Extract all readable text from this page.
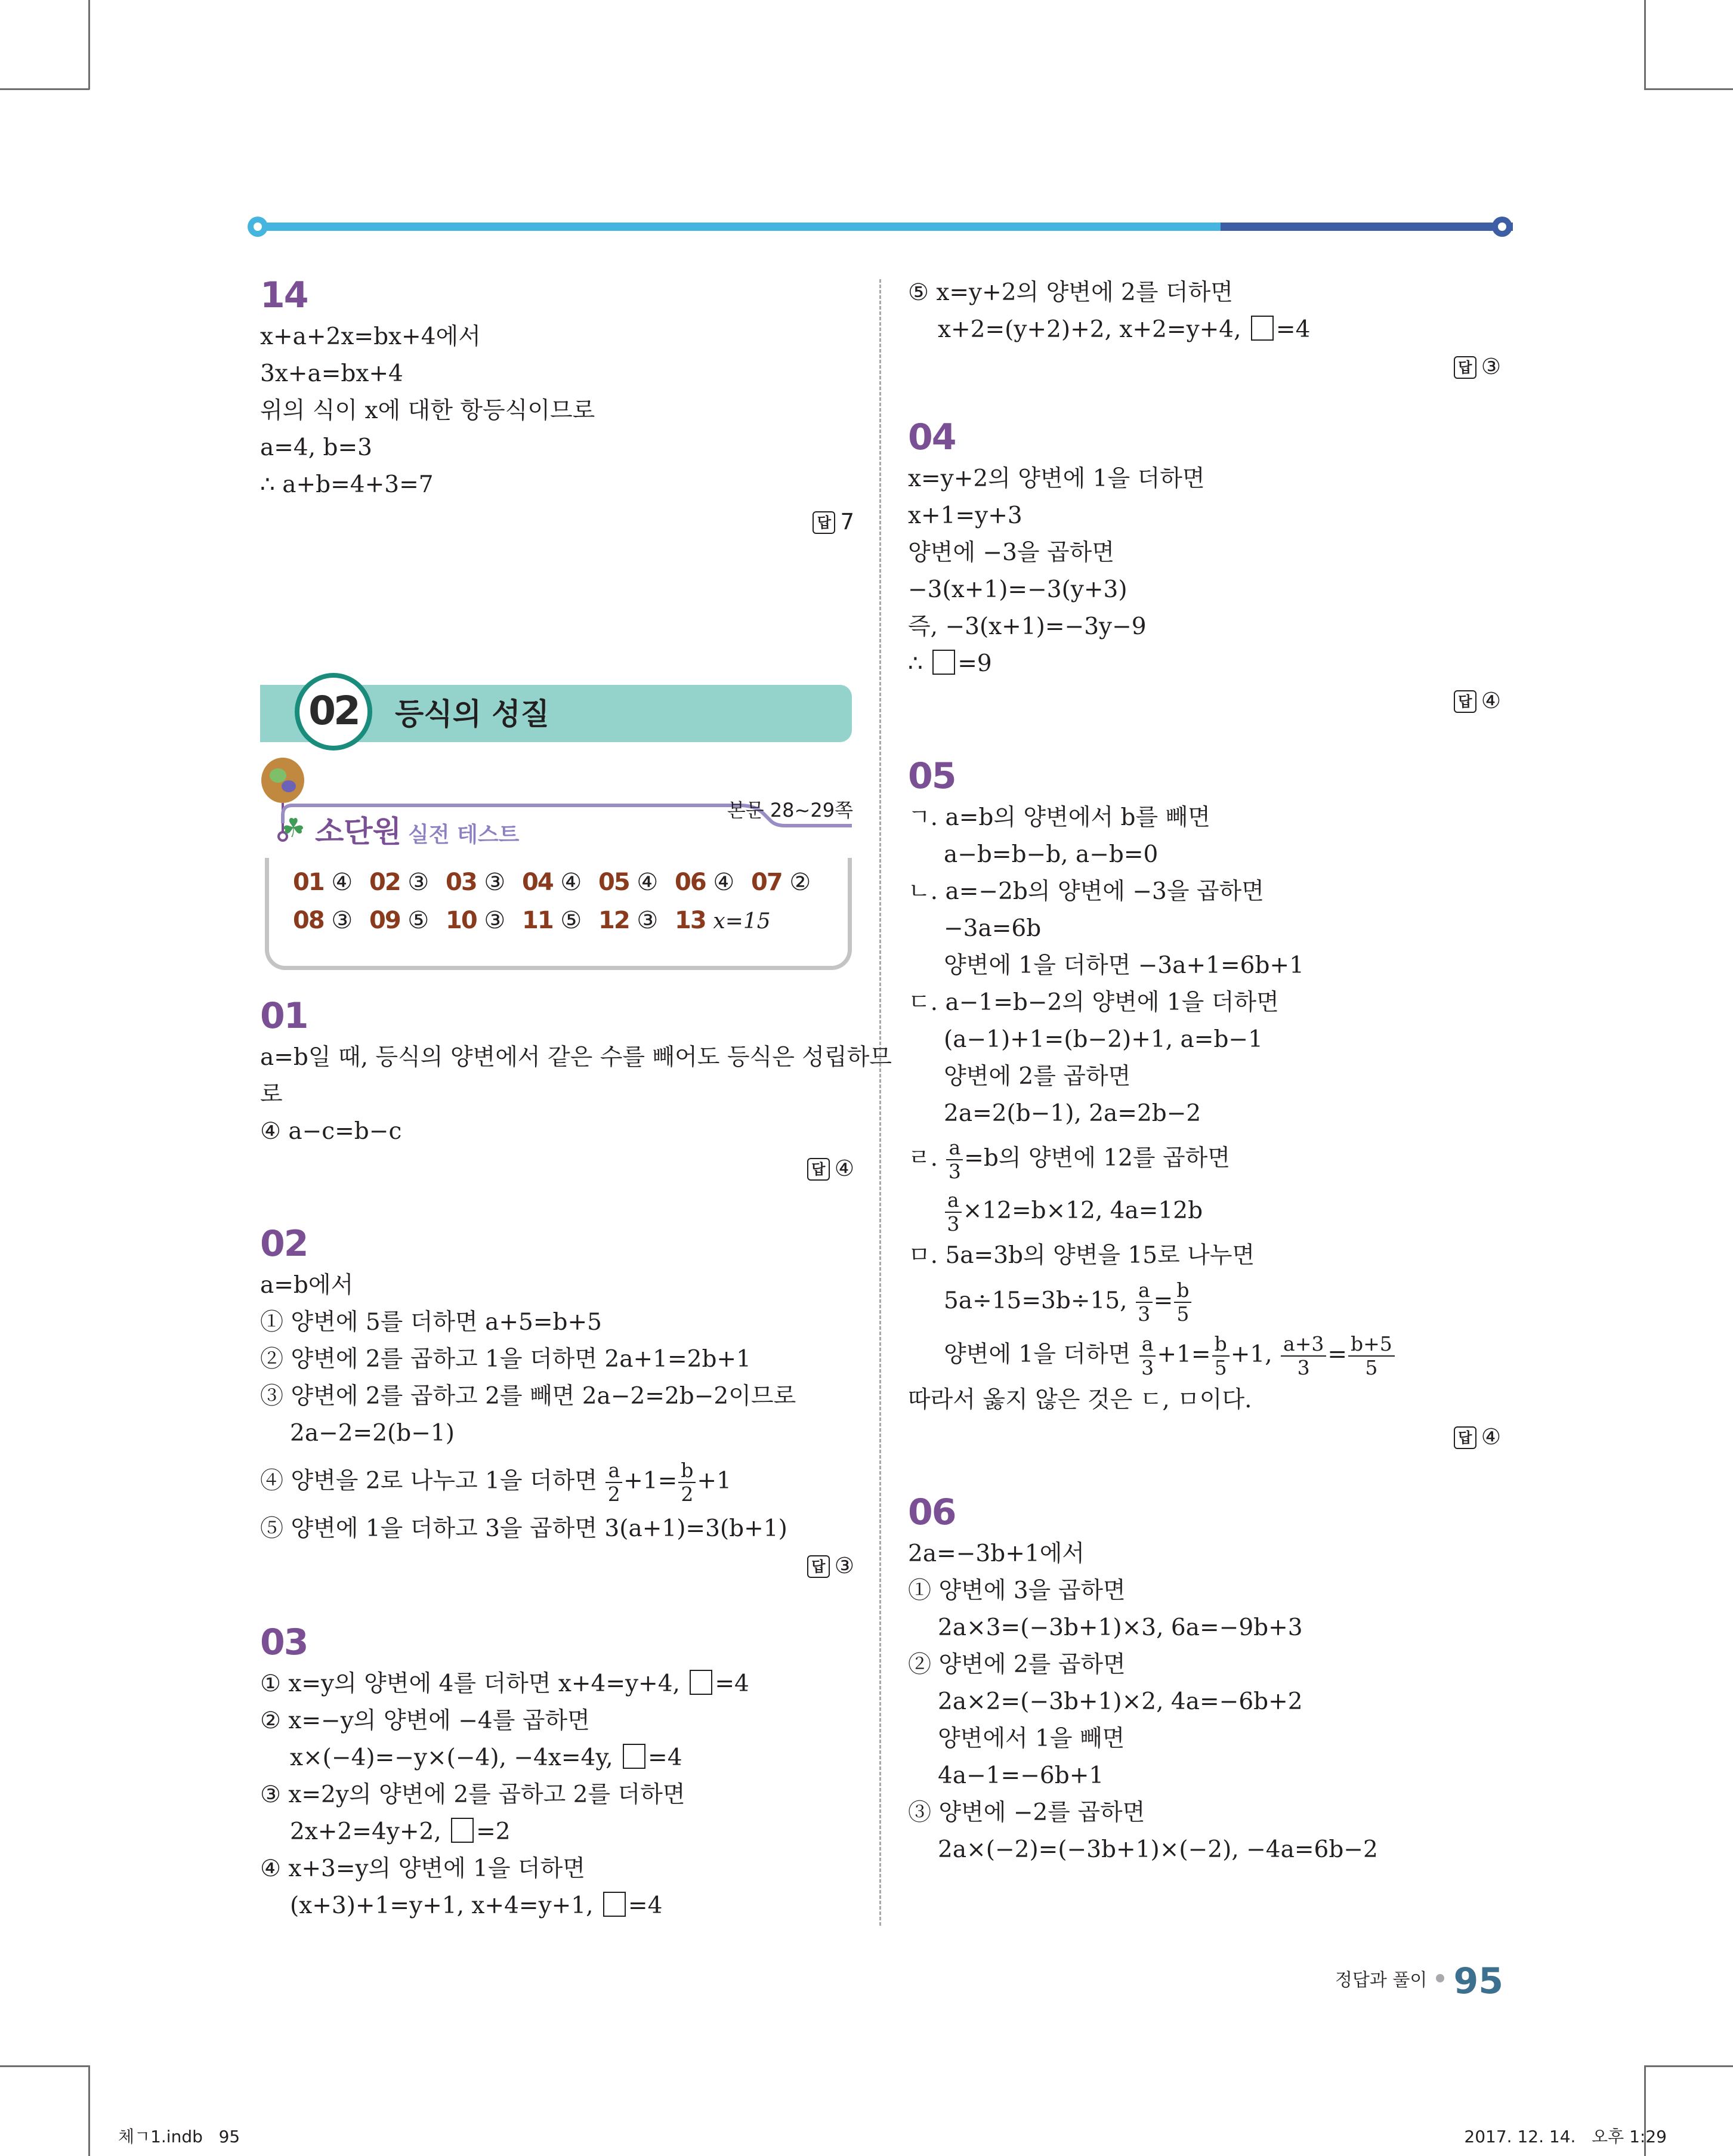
14
x+a+2x=bx+4에서
3x+a=bx+4
위의 식이 x에 대한 항등식이므로
a=4, b=3
∴ a+b=4+3=7
답 7
02	등식의 성질
☘ 소단원 실전 테스트
본문 28~29쪽
01 ④ 02 ③ 03 ③ 04 ④ 05 ④ 06 ④ 07 ②
08 ③ 09 ⑤ 10 ③ 11 ⑤ 12 ③ 13 x=15
01
a=b일 때, 등식의 양변에서 같은 수를 빼어도 등식은 성립하므
로
④ a−c=b−c
답 ④
02
a=b에서
① 양변에 5를 더하면 a+5=b+5
② 양변에 2를 곱하고 1을 더하면 2a+1=2b+1
③ 양변에 2를 곱하고 2를 빼면 2a−2=2b−2이므로
2a−2=2(b−1)
④ 양변을 2로 나누고 1을 더하면 $\frac{a}{2} +1= \frac{b}{2} +1$
⑤ 양변에 1을 더하고 3을 곱하면 3(a+1)=3(b+1)
답 ③
03
① x=y의 양변에 4를 더하면 x+4=y+4, =4
② x=−y의 양변에 −4를 곱하면
x×(−4)=−y×(−4), −4x=4y, =4
③ x=2y의 양변에 2를 곱하고 2를 더하면
2x+2=4y+2, =2
④ x+3=y의 양변에 1을 더하면
(x+3)+1=y+1, x+4=y+1, =4
⑤ x=y+2의 양변에 2를 더하면
x+2=(y+2)+2, x+2=y+4, =4
답 ③
04
x=y+2의 양변에 1을 더하면
x+1=y+3
양변에 −3을 곱하면
−3(x+1)=−3(y+3)
즉, −3(x+1)=−3y−9
∴ =9
답 ④
05
ㄱ. a=b의 양변에서 b를 빼면
a−b=b−b, a−b=0
ㄴ. a=−2b의 양변에 −3을 곱하면
−3a=6b
양변에 1을 더하면 −3a+1=6b+1
ㄷ. a−1=b−2의 양변에 1을 더하면
(a−1)+1=(b−2)+1, a=b−1
양변에 2를 곱하면
2a=2(b−1), 2a=2b−2
ㄹ. $\frac{a}{3} =b$의 양변에 12를 곱하면
$\frac{a}{3} \times 12=b\times 12$, 4a=12b
ㅁ. 5a=3b의 양변을 15로 나누면
5a÷15=3b÷15, $\frac{a}{3} = \frac{b}{5}$
양변에 1을 더하면 $\frac{a}{3} +1= \frac{b}{5} +1$, $\frac{a+3}{3} = \frac{b+5}{5}$
따라서 옳지 않은 것은 ㄷ, ㅁ이다.
답 ④
06
2a=−3b+1에서
① 양변에 3을 곱하면
2a×3=(−3b+1)×3, 6a=−9b+3
② 양변에 2를 곱하면
2a×2=(−3b+1)×2, 4a=−6b+2
양변에서 1을 빼면
4a−1=−6b+1
③ 양변에 −2를 곱하면
2a×(−2)=(−3b+1)×(−2), −4a=6b−2
정답과 풀이 95
체ㄱ1.indb   95	2017. 12. 14.   오후 1:29
